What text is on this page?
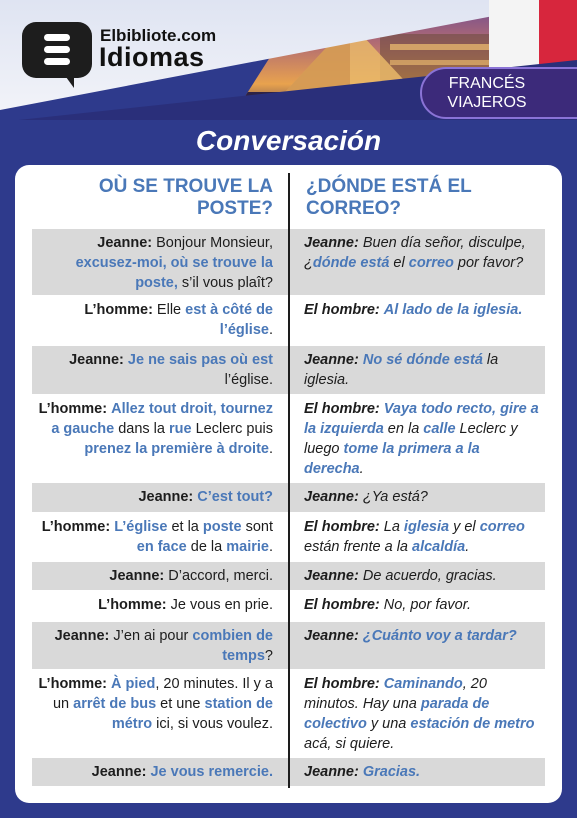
FRANCÉS
VIAJEROS
Elbibliote.com
Idiomas
Conversación
OÙ SE TROUVE LA POSTE?
¿DÓNDE ESTÁ EL CORREO?
Jeanne: Bonjour Monsieur, excusez-moi, où se trouve la poste, s’il vous plaît?
Jeanne: Buen día señor, disculpe, ¿dónde está el correo por favor?
L’homme: Elle est à côté de l’église.
El hombre: Al lado de la iglesia.
Jeanne: Je ne sais pas où est l’église.
Jeanne: No sé dónde está la iglesia.
L’homme: Allez tout droit, tournez a gauche dans la rue Leclerc puis prenez la première à droite.
El hombre: Vaya todo recto, gire a la izquierda en la calle Leclerc y luego tome la primera a la derecha.
Jeanne: C’est tout? Jeanne: ¿Ya está?
L’homme: L’église et la poste sont en face de la mairie.
El hombre: La iglesia y el correo están frente a la alcaldía.
Jeanne: D’accord, merci. Jeanne: De acuerdo, gracias.
L’homme: Je vous en prie. El hombre: No, por favor.
Jeanne: J’en ai pour combien de temps?
Jeanne: ¿Cuánto voy a tardar?
L’homme: À pied, 20 minutes. Il y a un arrêt de bus et une station de métro ici, si vous voulez.
El hombre: Caminando, 20 minutos. Hay una parada de colectivo y una estación de metro acá, si quiere.
Jeanne: Je vous remercie. Jeanne: Gracias.
